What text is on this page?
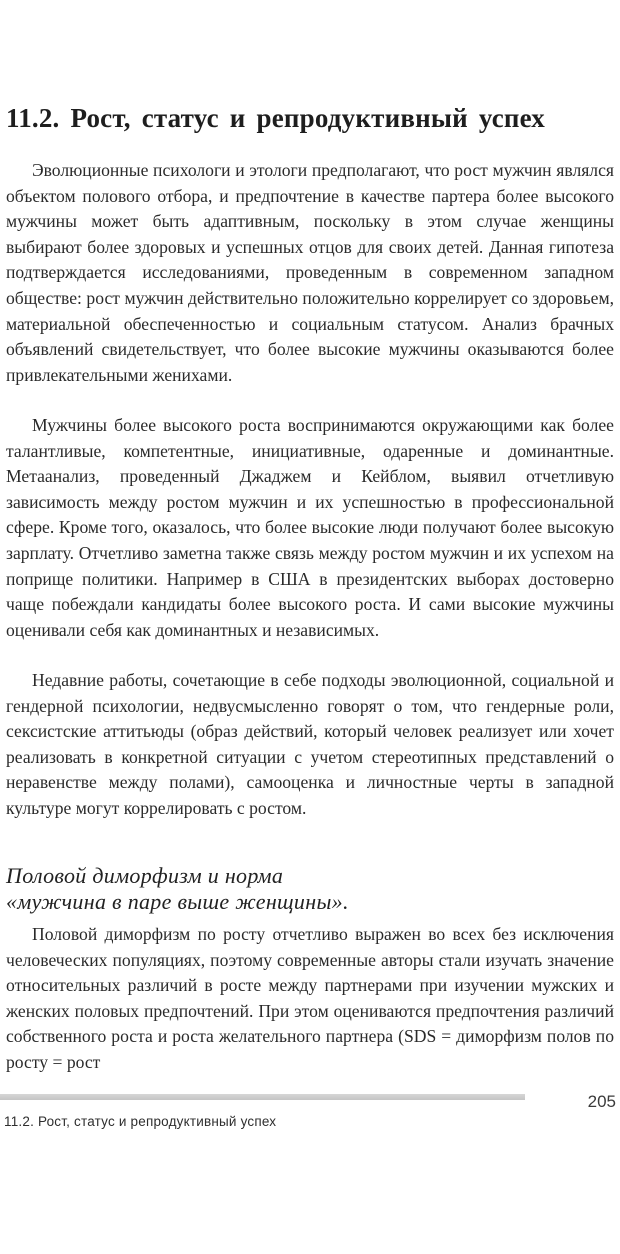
11.2. Рост, статус и репродуктивный успех

Эволюционные психологи и этологи предполагают, что рост мужчин являлся объектом полового отбора, и предпочтение в качестве партера более высокого мужчины может быть адаптивным, поскольку в этом случае женщины выбирают более здоровых и успешных отцов для своих детей. Данная гипотеза подтверждается исследованиями, проведенным в современном западном обществе: рост мужчин действительно положительно коррелирует со здоровьем, материальной обеспеченностью и социальным статусом. Анализ брачных объявлений свидетельствует, что более высокие мужчины оказываются более привлекательными женихами.

Мужчины более высокого роста воспринимаются окружающими как более талантливые, компетентные, инициативные, одаренные и доминантные. Метаанализ, проведенный Джаджем и Кейблом, выявил отчетливую зависимость между ростом мужчин и их успешностью в профессиональной сфере. Кроме того, оказалось, что более высокие люди получают более высокую зарплату. Отчетливо заметна также связь между ростом мужчин и их успехом на поприще политики. Например в США в президентских выборах достоверно чаще побеждали кандидаты более высокого роста. И сами высокие мужчины оценивали себя как доминантных и независимых.

Недавние работы, сочетающие в себе подходы эволюционной, социальной и гендерной психологии, недвусмысленно говорят о том, что гендерные роли, сексистские аттитьюды (образ действий, который человек реализует или хочет реализовать в конкретной ситуации с учетом стереотипных представлений о неравенстве между полами), самооценка и личностные черты в западной культуре могут коррелировать с ростом.

Половой диморфизм и норма
«мужчина в паре выше женщины».

Половой диморфизм по росту отчетливо выражен во всех без исключения человеческих популяциях, поэтому современные авторы стали изучать значение относительных различий в росте между партнерами при изучении мужских и женских половых предпочтений. При этом оцениваются предпочтения различий собственного роста и роста желательного партнера (SDS = диморфизм полов по росту = рост

205
11.2. Рост, статус и репродуктивный успех
